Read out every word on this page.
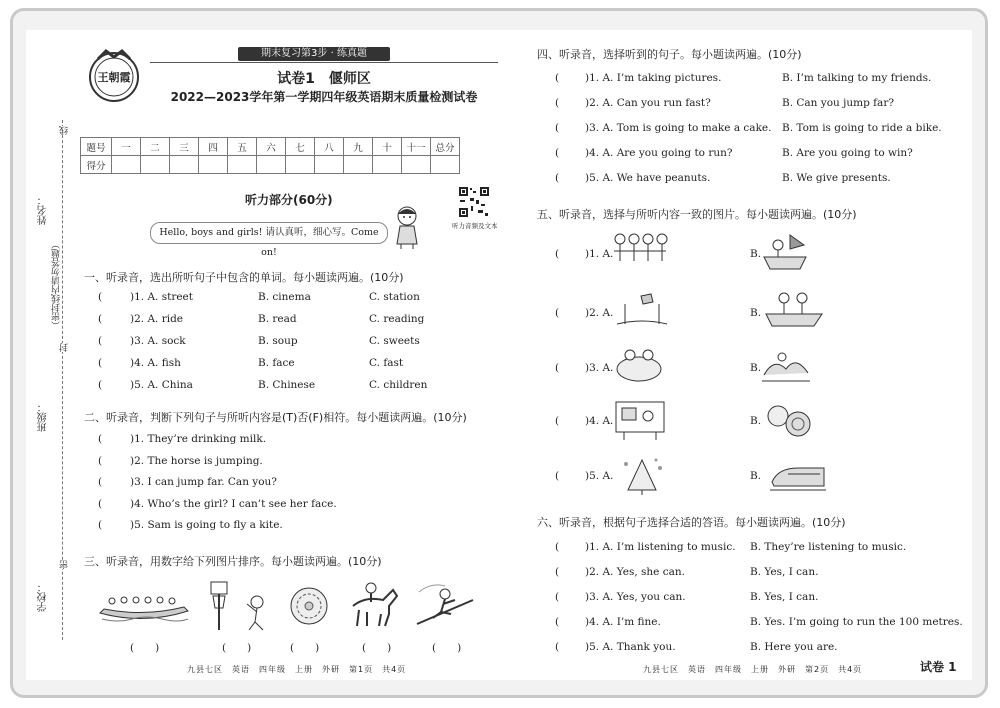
姓名：
（密封线内请勿答题）
班级：
学校：
线
封
密
王朝霞
期末复习第3步 · 练真题
试卷1　偃师区
2022—2023学年第一学期四年级英语期末质量检测试卷
题号	一	二	三	四	五	六	七	八	九	十	十一	总分
得分												
听力部分(60分)
听力音频及文本
Hello, boys and girls! 请认真听，细心写。Come on!
一、听录音，选出所听句子中包含的单词。每小题读两遍。(10分)
(	)1. A. street	B. cinema	C. station
(	)2. A. ride	B. read	C. reading
(	)3. A. sock	B. soup	C. sweets
(	)4. A. fish	B. face	C. fast
(	)5. A. China	B. Chinese	C. children
二、听录音，判断下列句子与所听内容是(T)否(F)相符。每小题读两遍。(10分)
(	)1. They’re drinking milk.
(	)2. The horse is jumping.
(	)3. I can jump far. Can you?
(	)4. Who’s the girl? I can’t see her face.
(	)5. Sam is going to fly a kite.
三、听录音，用数字给下列图片排序。每小题读两遍。(10分)
(　　)	(　　)	(　　)	(　　)	(　　)
四、听录音，选择听到的句子。每小题读两遍。(10分)
( )1. A. I’m taking pictures.	B. I’m talking to my friends.
( )2. A. Can you run fast?	B. Can you jump far?
( )3. A. Tom is going to make a cake. B. Tom is going to ride a bike.
( )4. A. Are you going to run?	B. Are you going to win?
( )5. A. We have peanuts.	B. We give presents.
五、听录音，选择与所听内容一致的图片。每小题读两遍。(10分)
( )1. A.	B.
( )2. A.	B.
( )3. A.	B.
( )4. A.	B.
( )5. A.	B.
六、听录音，根据句子选择合适的答语。每小题读两遍。(10分)
( )1. A. I’m listening to music. B. They’re listening to music.
( )2. A. Yes, she can.	B. Yes, I can.
( )3. A. Yes, you can.	B. Yes, I can.
( )4. A. I’m fine.	B. Yes. I’m going to run the 100 metres.
( )5. A. Thank you.	B. Here you are.
九县七区　英语　四年级　上册　外研　第1页　共4页	九县七区　英语　四年级　上册　外研　第2页　共4页	试卷 1
